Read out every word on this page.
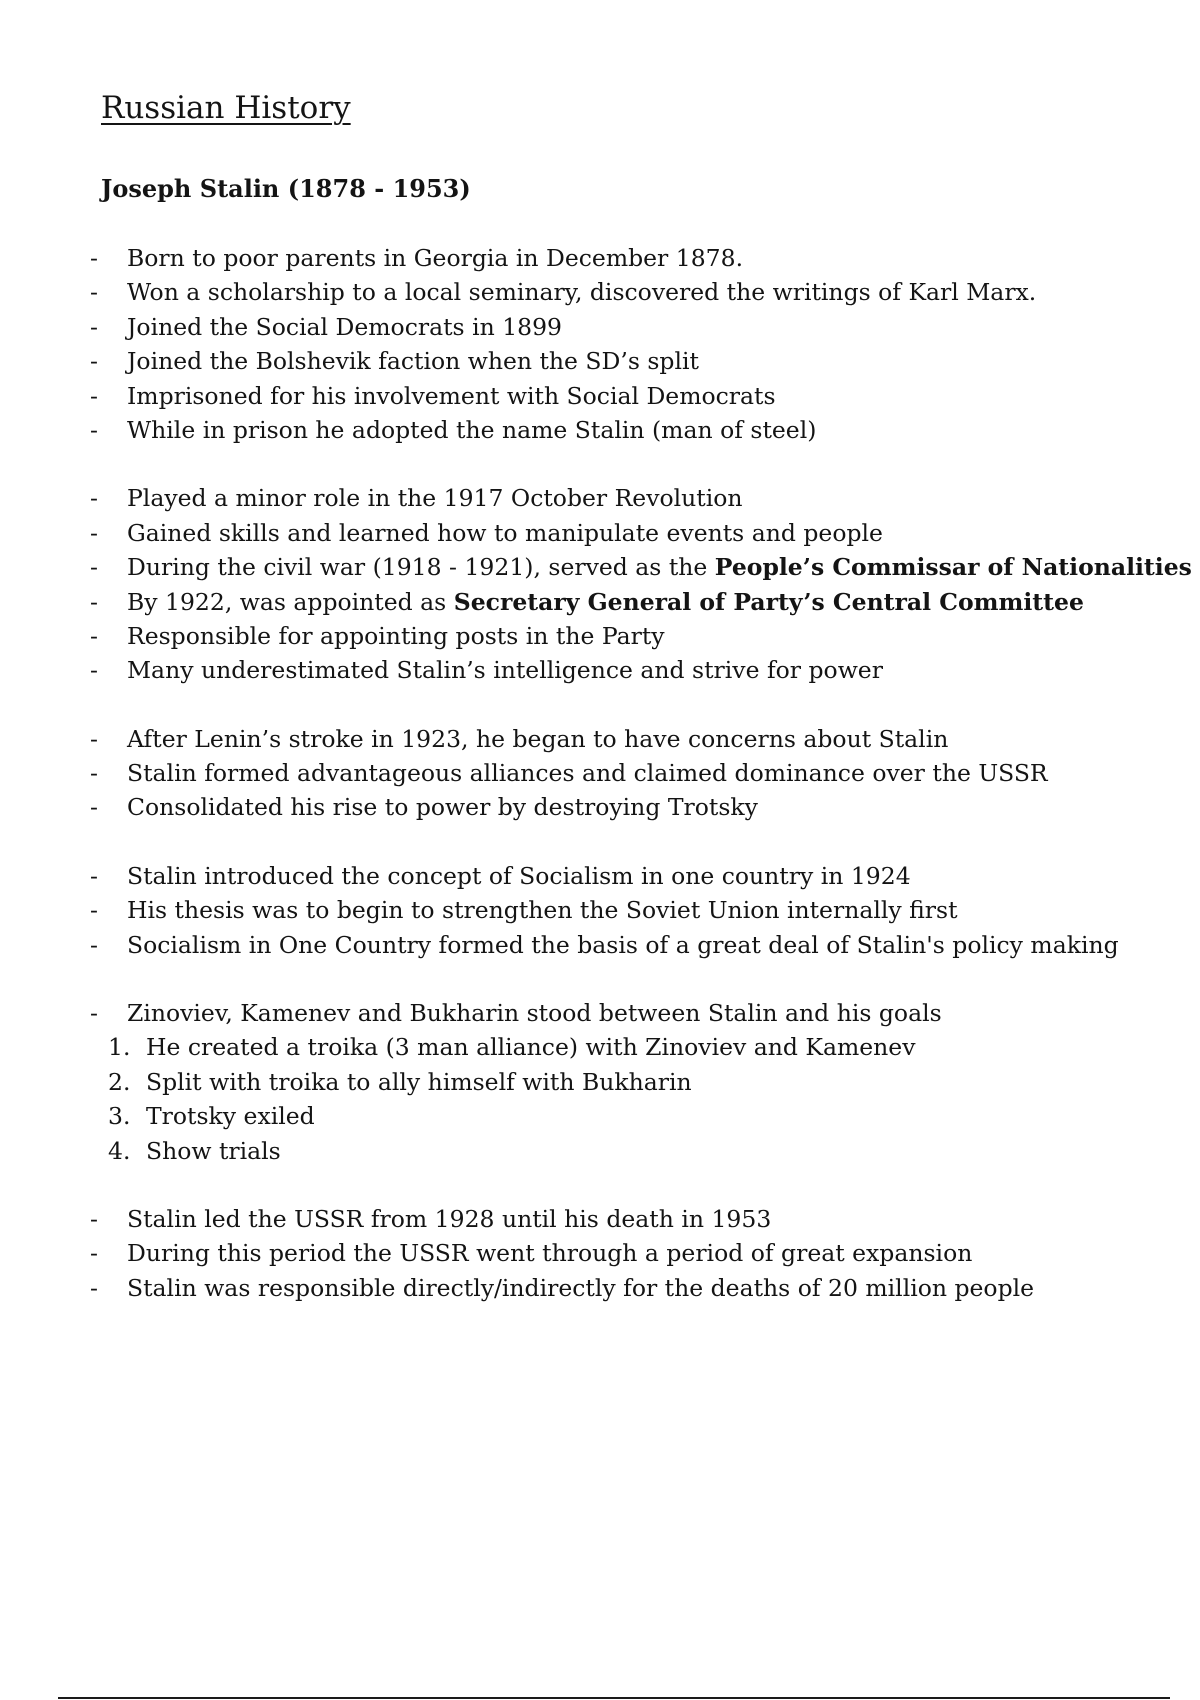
Russian History
Joseph Stalin (1878 - 1953)
- Born to poor parents in Georgia in December 1878.
- Won a scholarship to a local seminary, discovered the writings of Karl Marx.
- Joined the Social Democrats in 1899
- Joined the Bolshevik faction when the SD’s split
- Imprisoned for his involvement with Social Democrats
- While in prison he adopted the name Stalin (man of steel)
- Played a minor role in the 1917 October Revolution
- Gained skills and learned how to manipulate events and people
- During the civil war (1918 - 1921), served as the People’s Commissar of Nationalities
- By 1922, was appointed as Secretary General of Party’s Central Committee
- Responsible for appointing posts in the Party
- Many underestimated Stalin’s intelligence and strive for power
- After Lenin’s stroke in 1923, he began to have concerns about Stalin
- Stalin formed advantageous alliances and claimed dominance over the USSR
- Consolidated his rise to power by destroying Trotsky
- Stalin introduced the concept of Socialism in one country in 1924
- His thesis was to begin to strengthen the Soviet Union internally first
- Socialism in One Country formed the basis of a great deal of Stalin's policy making
- Zinoviev, Kamenev and Bukharin stood between Stalin and his goals
1. He created a troika (3 man alliance) with Zinoviev and Kamenev
2. Split with troika to ally himself with Bukharin
3. Trotsky exiled
4. Show trials
- Stalin led the USSR from 1928 until his death in 1953
- During this period the USSR went through a period of great expansion
- Stalin was responsible directly/indirectly for the deaths of 20 million people
